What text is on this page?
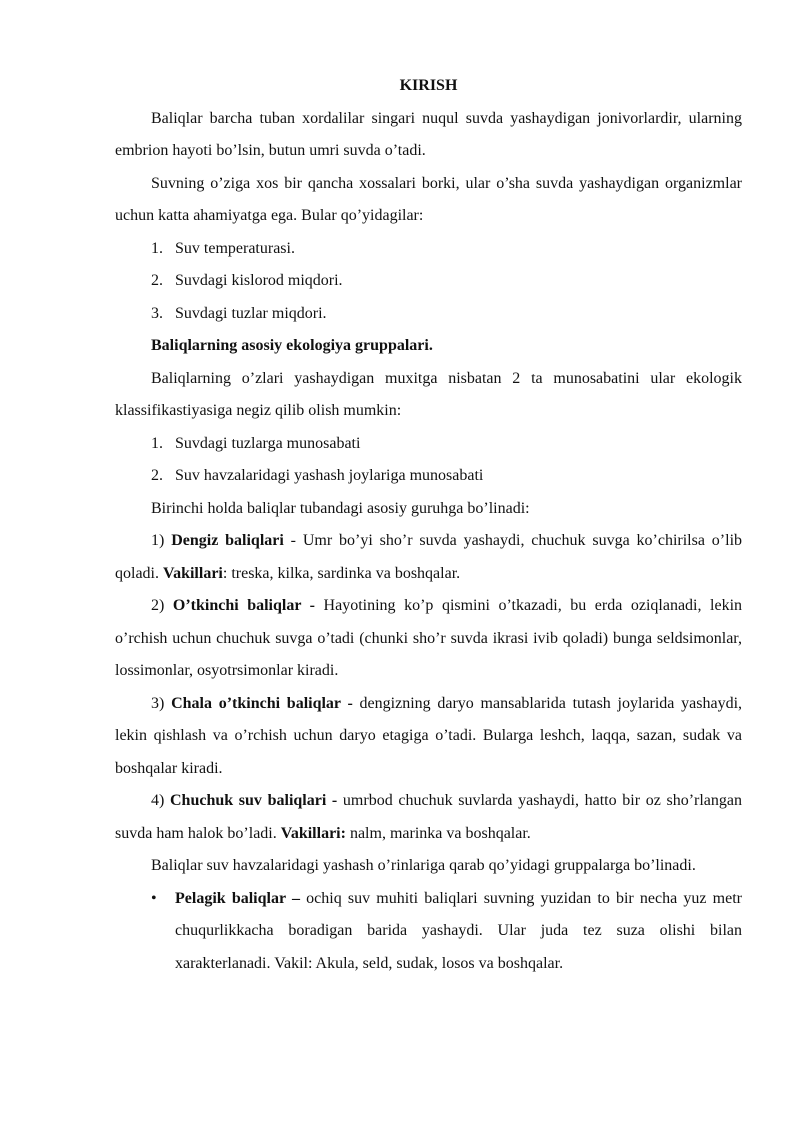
KIRISH

Baliqlar barcha tuban xordalilar singari nuqul suvda yashaydigan jonivorlardir, ularning embrion hayoti bo’lsin, butun umri suvda o’tadi.

Suvning o’ziga xos bir qancha xossalari borki, ular o’sha suvda yashaydigan organizmlar uchun katta ahamiyatga ega. Bular qo’yidagilar:

1. Suv temperaturasi.
2. Suvdagi kislorod miqdori.
3. Suvdagi tuzlar miqdori.

Baliqlarning asosiy ekologiya gruppalari.

Baliqlarning o’zlari yashaydigan muxitga nisbatan 2 ta munosabatini ular ekologik klassifikastiyasiga negiz qilib olish mumkin:

1. Suvdagi tuzlarga munosabati
2. Suv havzalaridagi yashash joylariga munosabati

Birinchi holda baliqlar tubandagi asosiy guruhga bo’linadi:

1) Dengiz baliqlari - Umr bo’yi sho’r suvda yashaydi, chuchuk suvga ko’chirilsa o’lib qoladi. Vakillari: treska, kilka, sardinka va boshqalar.

2) O’tkinchi baliqlar - Hayotining ko’p qismini o’tkazadi, bu erda oziqlanadi, lekin o’rchish uchun chuchuk suvga o’tadi (chunki sho’r suvda ikrasi ivib qoladi) bunga seldsimonlar, lossimonlar, osyotrsimonlar kiradi.

3) Chala o’tkinchi baliqlar - dengizning daryo mansablarida tutash joylarida yashaydi, lekin qishlash va o’rchish uchun daryo etagiga o’tadi. Bularga leshch, laqqa, sazan, sudak va boshqalar kiradi.

4) Chuchuk suv baliqlari - umrbod chuchuk suvlarda yashaydi, hatto bir oz sho’rlangan suvda ham halok bo’ladi. Vakillari: nalm, marinka va boshqalar.

Baliqlar suv havzalaridagi yashash o’rinlariga qarab qo’yidagi gruppalarga bo’linadi.

•	Pelagik baliqlar – ochiq suv muhiti baliqlari suvning yuzidan to bir necha yuz metr chuqurlikkacha boradigan barida yashaydi. Ular juda tez suza olishi bilan xarakterlanadi. Vakil: Akula, seld, sudak, losos va boshqalar.
